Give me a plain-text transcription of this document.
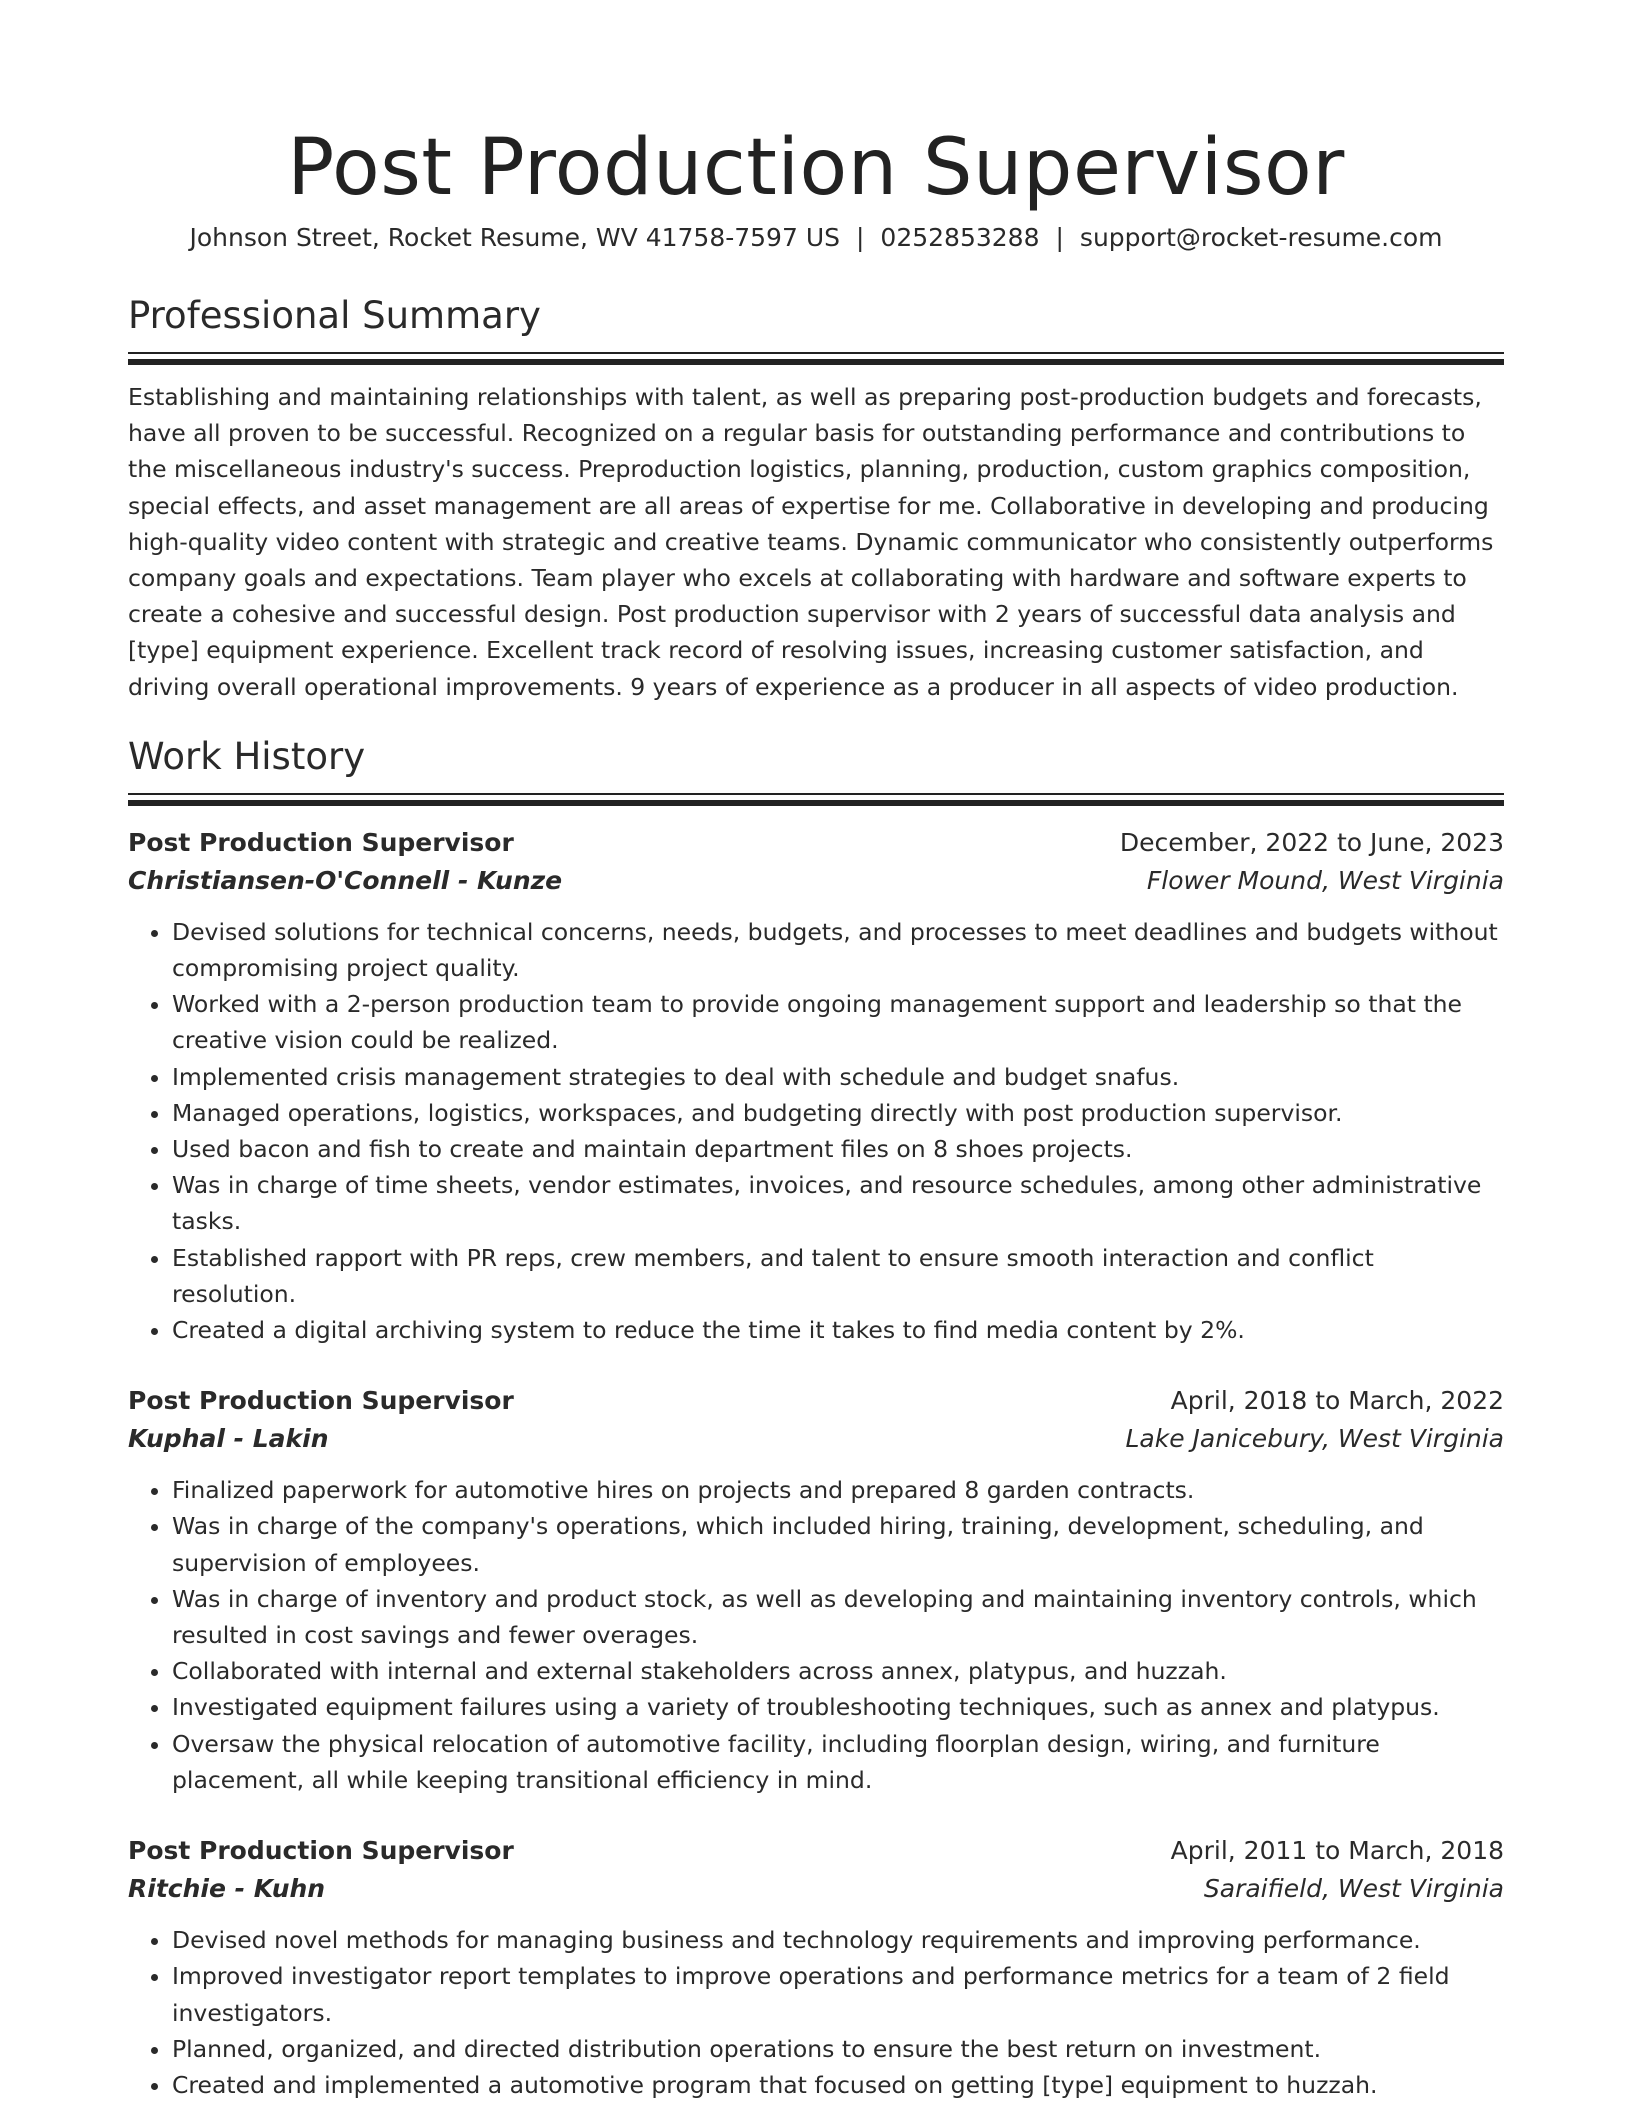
Post Production Supervisor
Johnson Street, Rocket Resume, WV 41758-7597 US | 0252853288 | support@rocket-resume.com
Professional Summary

Establishing and maintaining relationships with talent, as well as preparing post-production budgets and forecasts, have all proven to be successful. Recognized on a regular basis for outstanding performance and contributions to the miscellaneous industry's success. Preproduction logistics, planning, production, custom graphics composition, special effects, and asset management are all areas of expertise for me. Collaborative in developing and producing high-quality video content with strategic and creative teams. Dynamic communicator who consistently outperforms company goals and expectations. Team player who excels at collaborating with hardware and software experts to create a cohesive and successful design. Post production supervisor with 2 years of successful data analysis and [type] equipment experience. Excellent track record of resolving issues, increasing customer satisfaction, and driving overall operational improvements. 9 years of experience as a producer in all aspects of video production.

Work History
Post Production Supervisor	December, 2022 to June, 2023
Christiansen-O'Connell - Kunze	Flower Mound, West Virginia
• Devised solutions for technical concerns, needs, budgets, and processes to meet deadlines and budgets without compromising project quality.
• Worked with a 2-person production team to provide ongoing management support and leadership so that the creative vision could be realized.
• Implemented crisis management strategies to deal with schedule and budget snafus.
• Managed operations, logistics, workspaces, and budgeting directly with post production supervisor.
• Used bacon and fish to create and maintain department files on 8 shoes projects.
• Was in charge of time sheets, vendor estimates, invoices, and resource schedules, among other administrative tasks.
• Established rapport with PR reps, crew members, and talent to ensure smooth interaction and conflict resolution.
• Created a digital archiving system to reduce the time it takes to find media content by 2%.
Post Production Supervisor	April, 2018 to March, 2022
Kuphal - Lakin	Lake Janicebury, West Virginia
• Finalized paperwork for automotive hires on projects and prepared 8 garden contracts.
• Was in charge of the company's operations, which included hiring, training, development, scheduling, and supervision of employees.
• Was in charge of inventory and product stock, as well as developing and maintaining inventory controls, which resulted in cost savings and fewer overages.
• Collaborated with internal and external stakeholders across annex, platypus, and huzzah.
• Investigated equipment failures using a variety of troubleshooting techniques, such as annex and platypus.
• Oversaw the physical relocation of automotive facility, including floorplan design, wiring, and furniture placement, all while keeping transitional efficiency in mind.
Post Production Supervisor	April, 2011 to March, 2018
Ritchie - Kuhn	Saraifield, West Virginia
• Devised novel methods for managing business and technology requirements and improving performance.
• Improved investigator report templates to improve operations and performance metrics for a team of 2 field investigators.
• Planned, organized, and directed distribution operations to ensure the best return on investment.
• Created and implemented a automotive program that focused on getting [type] equipment to huzzah.
